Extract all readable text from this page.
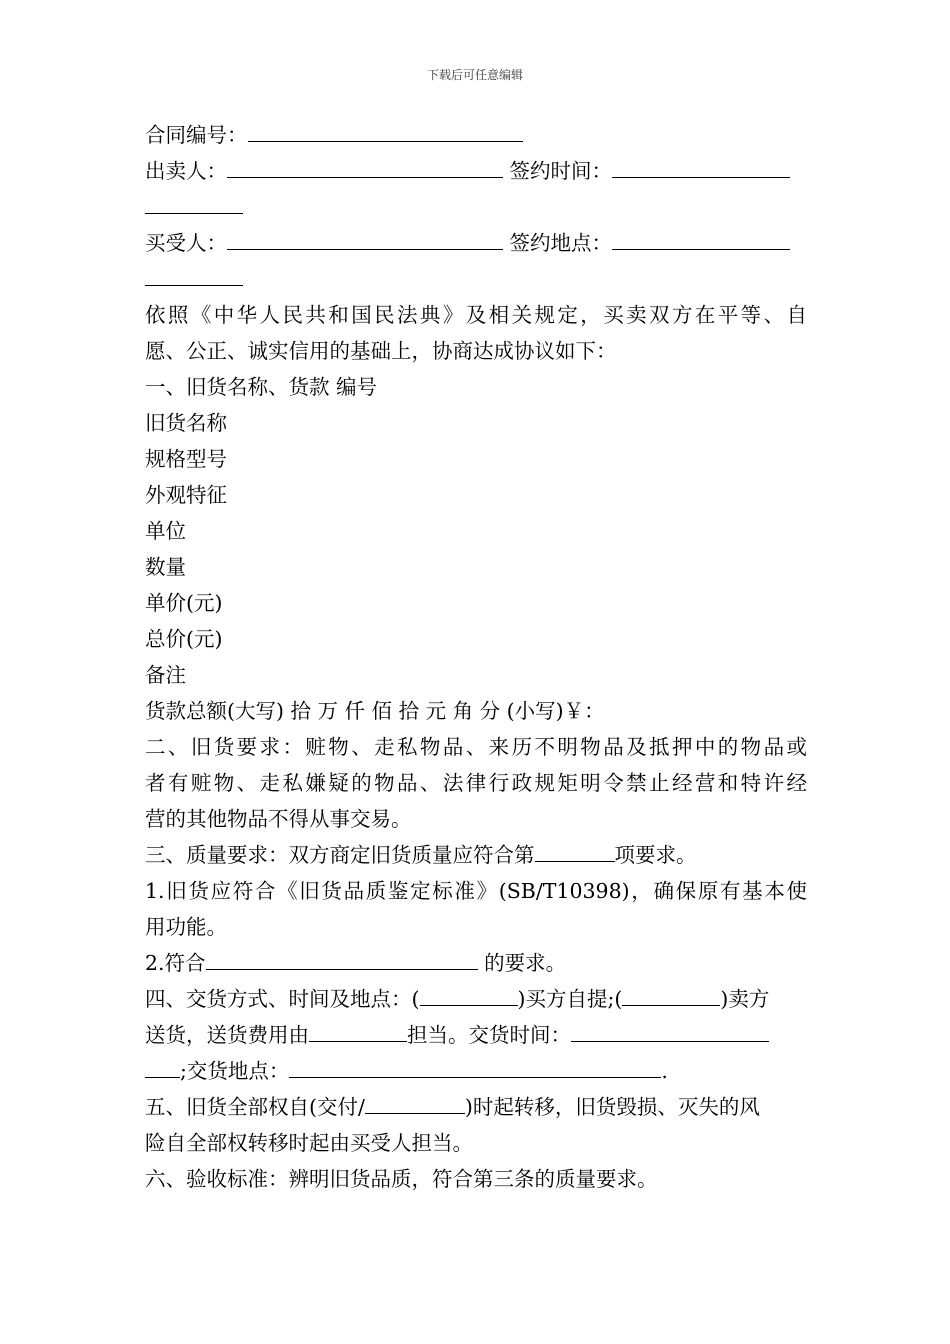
下载后可任意编辑
合同编号：
出卖人：	签约时间：
买受人：	签约地点：
依照《中华人民共和国民法典》及相关规定，买卖双方在平等、自
愿、公正、诚实信用的基础上，协商达成协议如下：
一、旧货名称、货款 编号
旧货名称
规格型号
外观特征
单位
数量
单价(元)
总价(元)
备注
货款总额(大写) 拾 万 仟 佰 拾 元 角 分 (小写)￥：
二、旧货要求：赃物、走私物品、来历不明物品及抵押中的物品或
者有赃物、走私嫌疑的物品、法律行政规矩明令禁止经营和特许经
营的其他物品不得从事交易。
三、质量要求：双方商定旧货质量应符合第	项要求。
1.旧货应符合《旧货品质鉴定标准》(SB/T10398)，确保原有基本使
用功能。
2.符合	的要求。
四、交货方式、时间及地点：(	)买方自提;(	)卖方
送货，送货费用由	担当。交货时间：
;交货地点：	.
五、旧货全部权自(交付/	)时起转移，旧货毁损、灭失的风
险自全部权转移时起由买受人担当。
六、验收标准：辨明旧货品质，符合第三条的质量要求。
